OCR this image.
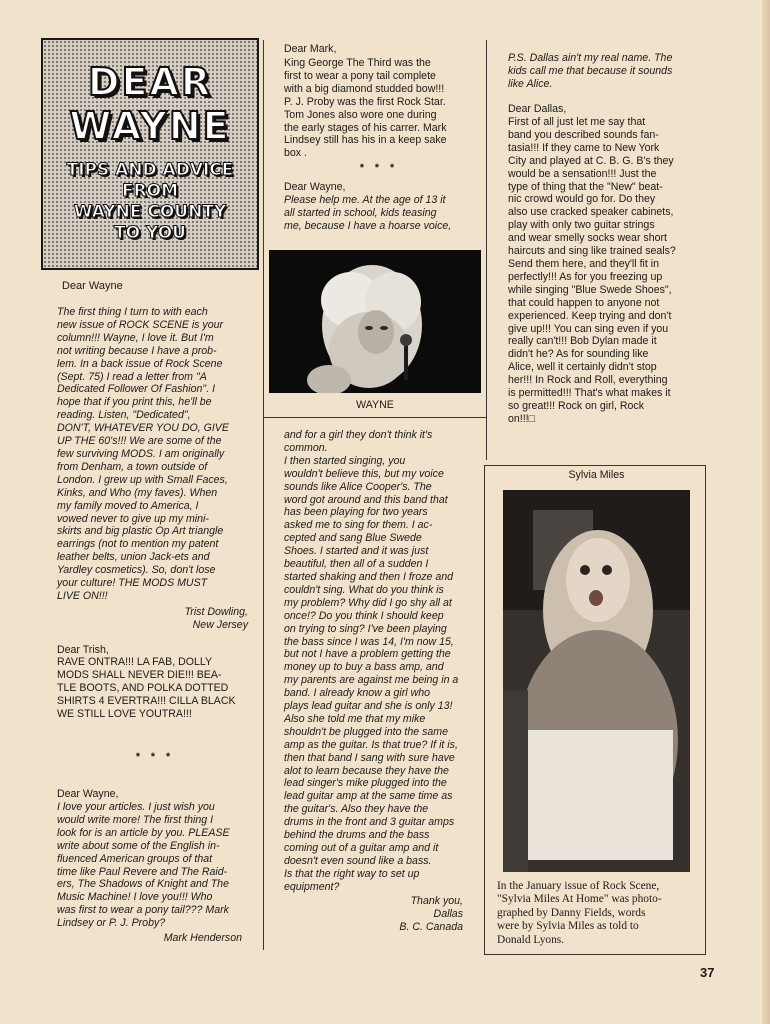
DEAR
WAYNE
TIPS AND ADVICE
FROM
WAYNE COUNTY
TO YOU

Dear Wayne

The first thing I turn to with each
new issue of ROCK SCENE is your
column!!! Wayne, I love it. But I'm
not writing because I have a prob-
lem. In a back issue of Rock Scene
(Sept. 75) I read a letter from "A
Dedicated Follower Of Fashion". I
hope that if you print this, he'll be
reading. Listen, "Dedicated",
DON'T, WHATEVER YOU DO, GIVE
UP THE 60's!!! We are some of the
few surviving MODS. I am originally
from Denham, a town outside of
London. I grew up with Small Faces,
Kinks, and Who (my faves). When
my family moved to America, I
vowed never to give up my mini-
skirts and big plastic Op Art triangle
earrings (not to mention my patent
leather belts, union Jack-ets and
Yardley cosmetics). So, don't lose
your culture! THE MODS MUST
LIVE ON!!!

Trist Dowling,
New Jersey

Dear Trish,

RAVE ONTRA!!! LA FAB, DOLLY
MODS SHALL NEVER DIE!!! BEA-
TLE BOOTS, AND POLKA DOTTED
SHIRTS 4 EVERTRA!!! CILLA BLACK
WE STILL LOVE YOUTRA!!!

* * *

Dear Wayne,

I love your articles. I just wish you
would write more! The first thing I
look for is an article by you. PLEASE
write about some of the English in-
fluenced American groups of that
time like Paul Revere and The Raid-
ers, The Shadows of Knight and The
Music Machine! I love you!!! Who
was first to wear a pony tail??? Mark
Lindsey or P. J. Proby?

Mark Henderson

Dear Mark,

King George The Third was the
first to wear a pony tail complete
with a big diamond studded bow!!!
P. J. Proby was the first Rock Star.
Tom Jones also wore one during
the early stages of his carrer. Mark
Lindsey still has his in a keep sake
box .

* * *

Dear Wayne,

Please help me. At the age of 13 it
all started in school, kids teasing
me, because I have a hoarse voice,

WAYNE

and for a girl they don't think it's
common.
I then started singing, you
wouldn't believe this, but my voice
sounds like Alice Cooper's. The
word got around and this band that
has been playing for two years
asked me to sing for them. I ac-
cepted and sang Blue Swede
Shoes. I started and it was just
beautiful, then all of a sudden I
started shaking and then I froze and
couldn't sing. What do you think is
my problem? Why did I go shy all at
once!? Do you think I should keep
on trying to sing? I've been playing
the bass since I was 14, I'm now 15,
but not I have a problem getting the
money up to buy a bass amp, and
my parents are against me being in a
band. I already know a girl who
plays lead guitar and she is only 13!
Also she told me that my mike
shouldn't be plugged into the same
amp as the guitar. Is that true? If it is,
then that band I sang with sure have
alot to learn because they have the
lead singer's mike plugged into the
lead guitar amp at the same time as
the guitar's. Also they have the
drums in the front and 3 guitar amps
behind the drums and the bass
coming out of a guitar amp and it
doesn't even sound like a bass.
Is that the right way to set up
equipment?

Thank you,
Dallas
B. C. Canada

P.S. Dallas ain't my real name. The
kids call me that because it sounds
like Alice.

Dear Dallas,

First of all just let me say that
band you described sounds fan-
tasia!!! If they came to New York
City and played at C. B. G. B's they
would be a sensation!!! Just the
type of thing that the "New" beat-
nic crowd would go for. Do they
also use cracked speaker cabinets,
play with only two guitar strings
and wear smelly socks wear short
haircuts and sing like trained seals?
Send them here, and they'll fit in
perfectly!!! As for you freezing up
while singing "Blue Swede Shoes",
that could happen to anyone not
experienced. Keep trying and don't
give up!!! You can sing even if you
really can't!!! Bob Dylan made it
didn't he? As for sounding like
Alice, well it certainly didn't stop
her!!! In Rock and Roll, everything
is permitted!!! That's what makes it
so great!!! Rock on girl, Rock
on!!!□

Sylvia Miles

In the January issue of Rock Scene,
"Sylvia Miles At Home" was photo-
graphed by Danny Fields, words
were by Sylvia Miles as told to
Donald Lyons.

37
